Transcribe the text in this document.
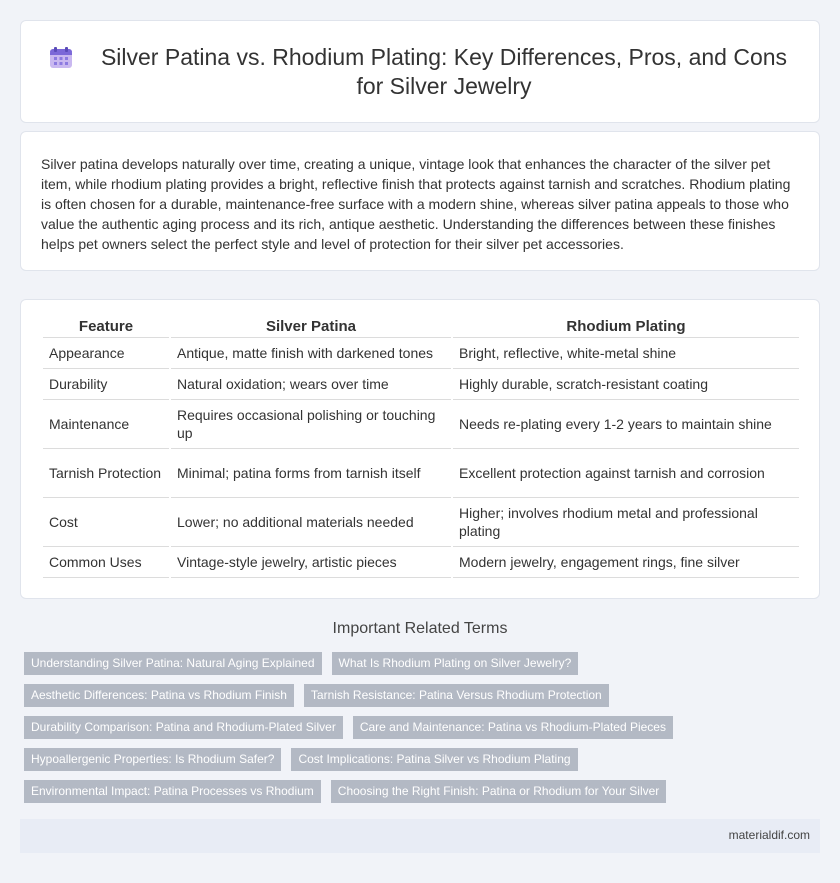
Silver Patina vs. Rhodium Plating: Key Differences, Pros, and Cons for Silver Jewelry

Silver patina develops naturally over time, creating a unique, vintage look that enhances the character of the silver pet item, while rhodium plating provides a bright, reflective finish that protects against tarnish and scratches. Rhodium plating is often chosen for a durable, maintenance-free surface with a modern shine, whereas silver patina appeals to those who value the authentic aging process and its rich, antique aesthetic. Understanding the differences between these finishes helps pet owners select the perfect style and level of protection for their silver pet accessories.

Feature	Silver Patina	Rhodium Plating
Appearance	Antique, matte finish with darkened tones	Bright, reflective, white-metal shine
Durability	Natural oxidation; wears over time	Highly durable, scratch-resistant coating
Maintenance	Requires occasional polishing or touching up	Needs re-plating every 1-2 years to maintain shine
Tarnish Protection	Minimal; patina forms from tarnish itself	Excellent protection against tarnish and corrosion
Cost	Lower; no additional materials needed	Higher; involves rhodium metal and professional plating
Common Uses	Vintage-style jewelry, artistic pieces	Modern jewelry, engagement rings, fine silver
Important Related Terms
Understanding Silver Patina: Natural Aging Explained	What Is Rhodium Plating on Silver Jewelry?
Aesthetic Differences: Patina vs Rhodium Finish	Tarnish Resistance: Patina Versus Rhodium Protection
Durability Comparison: Patina and Rhodium-Plated Silver	Care and Maintenance: Patina vs Rhodium-Plated Pieces
Hypoallergenic Properties: Is Rhodium Safer?	Cost Implications: Patina Silver vs Rhodium Plating
Environmental Impact: Patina Processes vs Rhodium	Choosing the Right Finish: Patina or Rhodium for Your Silver
materialdif.com
